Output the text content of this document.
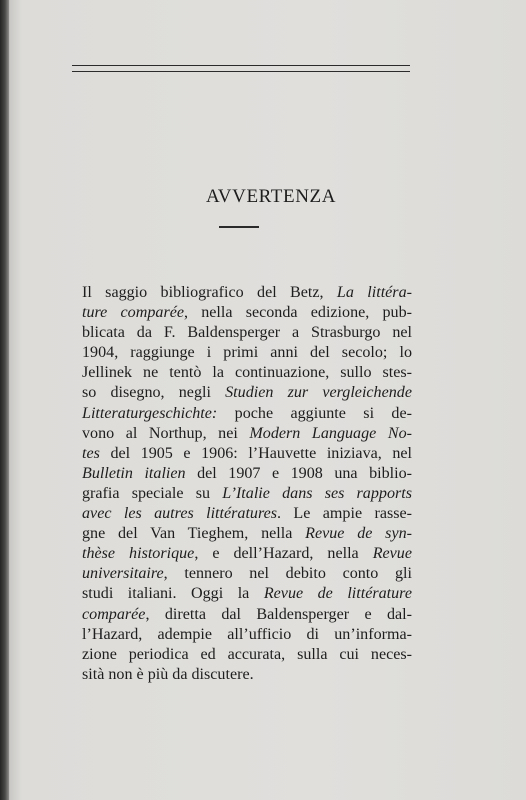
AVVERTENZA
Il saggio bibliografico del Betz, La littéra-
ture comparée, nella seconda edizione, pub-
blicata da F. Baldensperger a Strasburgo nel
1904, raggiunge i primi anni del secolo; lo
Jellinek ne tentò la continuazione, sullo stes-
so disegno, negli Studien zur vergleichende
Litteraturgeschichte: poche aggiunte si de-
vono al Northup, nei Modern Language No-
tes del 1905 e 1906: l’Hauvette iniziava, nel
Bulletin italien del 1907 e 1908 una biblio-
grafia speciale su L’Italie dans ses rapports
avec les autres littératures. Le ampie rasse-
gne del Van Tieghem, nella Revue de syn-
thèse historique, e dell’Hazard, nella Revue
universitaire, tennero nel debito conto gli
studi italiani. Oggi la Revue de littérature
comparée, diretta dal Baldensperger e dal-
l’Hazard, adempie all’ufficio di un’informa-
zione periodica ed accurata, sulla cui neces-
sità non è più da discutere.
